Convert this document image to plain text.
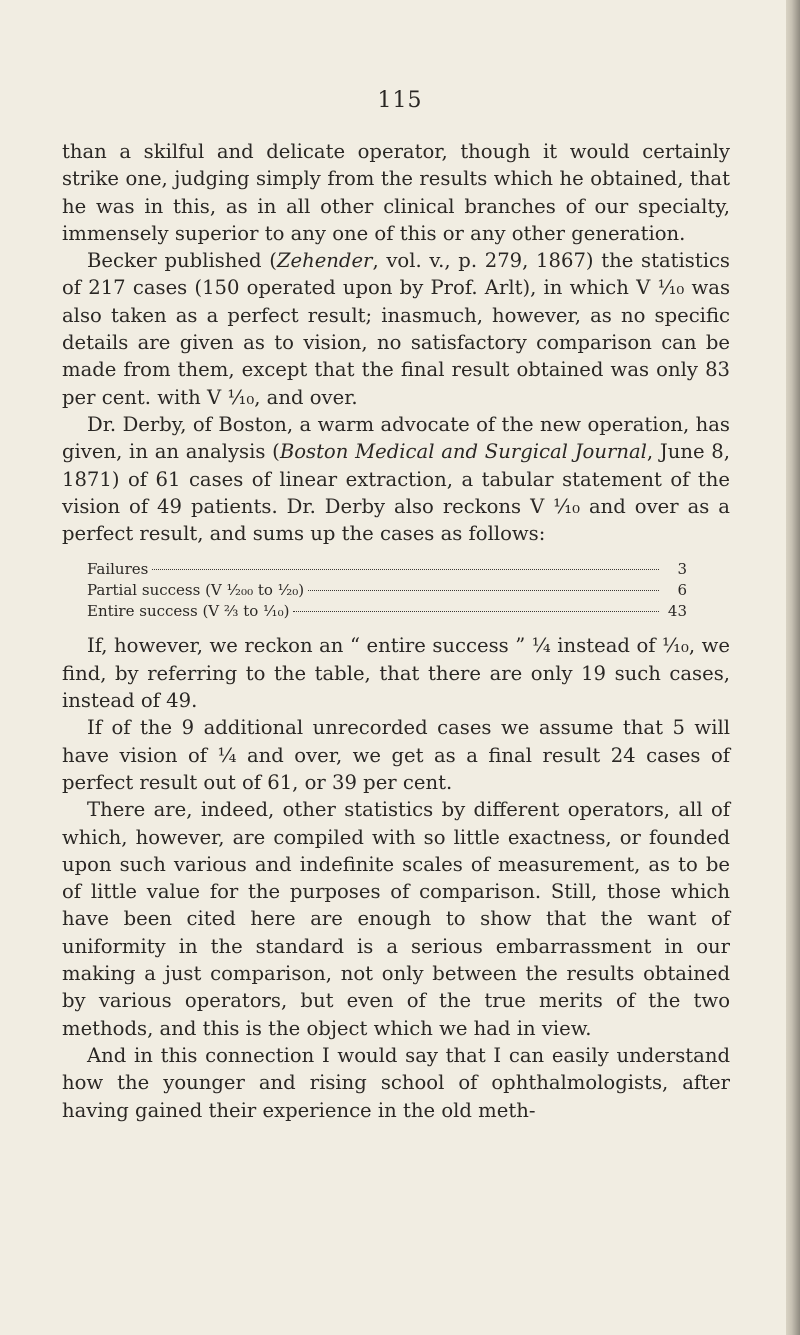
115

than a skilful and delicate operator, though it would certainly strike one, judging simply from the results which he obtained, that he was in this, as in all other clinical branches of our specialty, immensely superior to any one of this or any other generation.

Becker published (Zehender, vol. v., p. 279, 1867) the statistics of 217 cases (150 operated upon by Prof. Arlt), in which V ¹⁄₁₀ was also taken as a perfect result; inasmuch, however, as no specific details are given as to vision, no satisfactory comparison can be made from them, except that the final result obtained was only 83 per cent. with V ¹⁄₁₀, and over.

Dr. Derby, of Boston, a warm advocate of the new operation, has given, in an analysis (Boston Medical and Surgical Journal, June 8, 1871) of 61 cases of linear extraction, a tabular statement of the vision of 49 patients. Dr. Derby also reckons V ¹⁄₁₀ and over as a perfect result, and sums up the cases as follows:

Failures	3
Partial success (V ¹⁄₂₀₀ to ¹⁄₂₀)	6
Entire success (V ⅔ to ¹⁄₁₀)	43

If, however, we reckon an “ entire success ” ¼ instead of ¹⁄₁₀, we find, by referring to the table, that there are only 19 such cases, instead of 49.

If of the 9 additional unrecorded cases we assume that 5 will have vision of ¼ and over, we get as a final result 24 cases of perfect result out of 61, or 39 per cent.

There are, indeed, other statistics by different operators, all of which, however, are compiled with so little exactness, or founded upon such various and indefinite scales of measurement, as to be of little value for the purposes of comparison. Still, those which have been cited here are enough to show that the want of uniformity in the standard is a serious embarrassment in our making a just comparison, not only between the results obtained by various operators, but even of the true merits of the two methods, and this is the object which we had in view.

And in this connection I would say that I can easily understand how the younger and rising school of ophthalmologists, after having gained their experience in the old meth-
